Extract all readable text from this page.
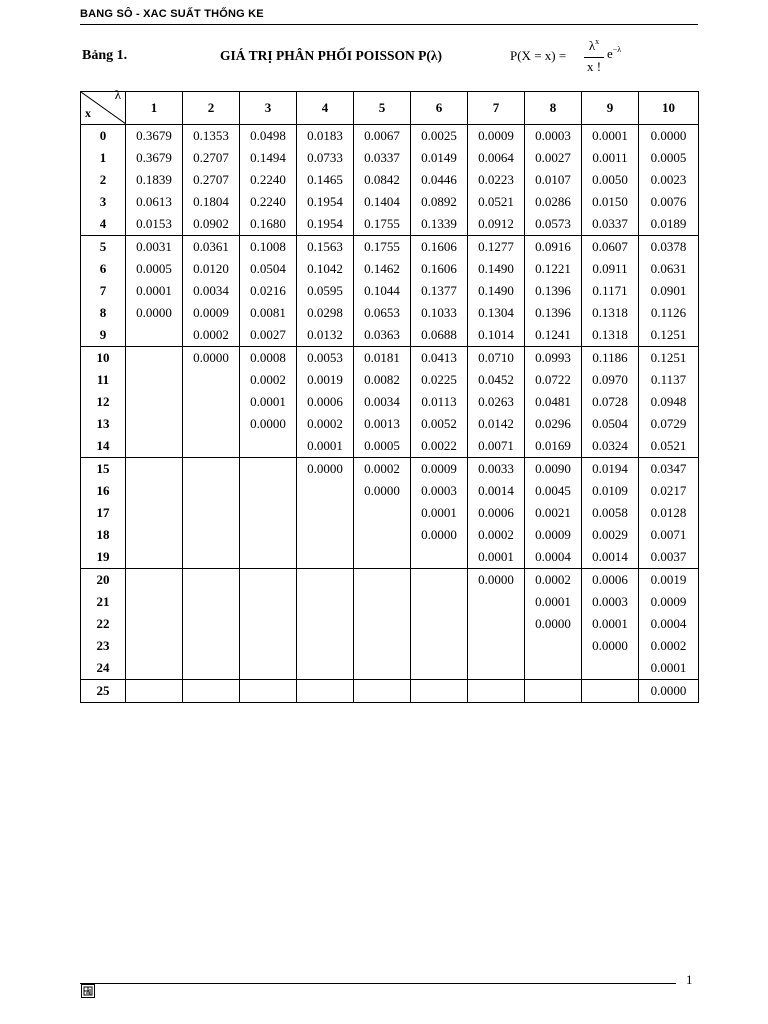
BANG SÔ - XAC SUẤT THỐNG KE
Bảng 1.	GIÁ TRỊ PHÂN PHỐI POISSON P(λ)	P(X = x) =
$\lambda^x$
x !
$e^{-\lambda}$
λ
x	1	2	3	4	5	6	7	8	9	10
0	0.3679	0.1353	0.0498	0.0183	0.0067	0.0025	0.0009	0.0003	0.0001	0.0000
1	0.3679	0.2707	0.1494	0.0733	0.0337	0.0149	0.0064	0.0027	0.0011	0.0005
2	0.1839	0.2707	0.2240	0.1465	0.0842	0.0446	0.0223	0.0107	0.0050	0.0023
3	0.0613	0.1804	0.2240	0.1954	0.1404	0.0892	0.0521	0.0286	0.0150	0.0076
4	0.0153	0.0902	0.1680	0.1954	0.1755	0.1339	0.0912	0.0573	0.0337	0.0189
5	0.0031	0.0361	0.1008	0.1563	0.1755	0.1606	0.1277	0.0916	0.0607	0.0378
6	0.0005	0.0120	0.0504	0.1042	0.1462	0.1606	0.1490	0.1221	0.0911	0.0631
7	0.0001	0.0034	0.0216	0.0595	0.1044	0.1377	0.1490	0.1396	0.1171	0.0901
8	0.0000	0.0009	0.0081	0.0298	0.0653	0.1033	0.1304	0.1396	0.1318	0.1126
9		0.0002	0.0027	0.0132	0.0363	0.0688	0.1014	0.1241	0.1318	0.1251
10		0.0000	0.0008	0.0053	0.0181	0.0413	0.0710	0.0993	0.1186	0.1251
11			0.0002	0.0019	0.0082	0.0225	0.0452	0.0722	0.0970	0.1137
12			0.0001	0.0006	0.0034	0.0113	0.0263	0.0481	0.0728	0.0948
13			0.0000	0.0002	0.0013	0.0052	0.0142	0.0296	0.0504	0.0729
14				0.0001	0.0005	0.0022	0.0071	0.0169	0.0324	0.0521
15				0.0000	0.0002	0.0009	0.0033	0.0090	0.0194	0.0347
16					0.0000	0.0003	0.0014	0.0045	0.0109	0.0217
17						0.0001	0.0006	0.0021	0.0058	0.0128
18						0.0000	0.0002	0.0009	0.0029	0.0071
19							0.0001	0.0004	0.0014	0.0037
20							0.0000	0.0002	0.0006	0.0019
21								0.0001	0.0003	0.0009
22								0.0000	0.0001	0.0004
23									0.0000	0.0002
24										0.0001
25										0.0000
1
